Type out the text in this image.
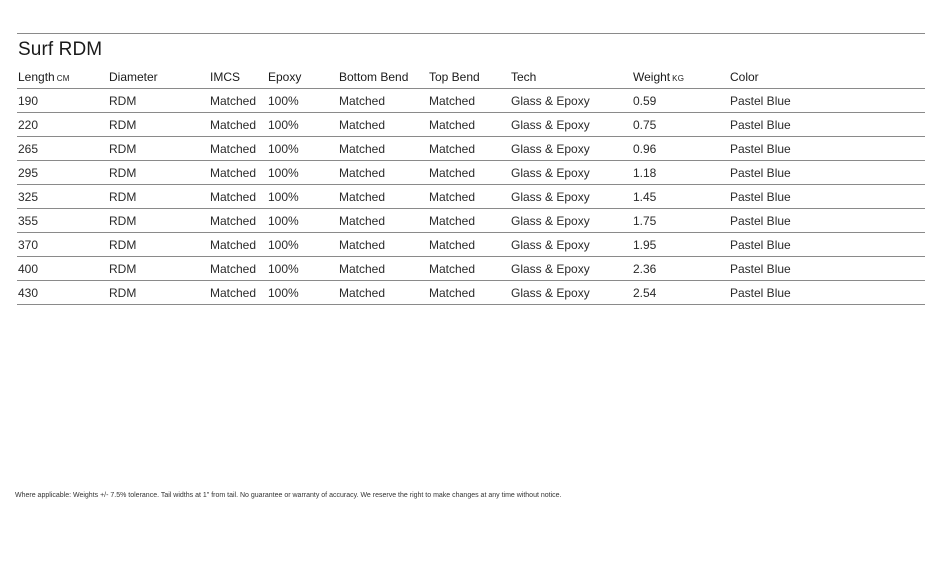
Surf RDM
Length CM	Diameter	IMCS	Epoxy	Bottom Bend	Top Bend	Tech	Weight KG	Color
190	RDM	Matched	100%	Matched	Matched	Glass & Epoxy	0.59	Pastel Blue
220	RDM	Matched	100%	Matched	Matched	Glass & Epoxy	0.75	Pastel Blue
265	RDM	Matched	100%	Matched	Matched	Glass & Epoxy	0.96	Pastel Blue
295	RDM	Matched	100%	Matched	Matched	Glass & Epoxy	1.18	Pastel Blue
325	RDM	Matched	100%	Matched	Matched	Glass & Epoxy	1.45	Pastel Blue
355	RDM	Matched	100%	Matched	Matched	Glass & Epoxy	1.75	Pastel Blue
370	RDM	Matched	100%	Matched	Matched	Glass & Epoxy	1.95	Pastel Blue
400	RDM	Matched	100%	Matched	Matched	Glass & Epoxy	2.36	Pastel Blue
430	RDM	Matched	100%	Matched	Matched	Glass & Epoxy	2.54	Pastel Blue
Where applicable: Weights +/- 7.5% tolerance. Tail widths at 1" from tail. No guarantee or warranty of accuracy. We reserve the right to make changes at any time without notice.
